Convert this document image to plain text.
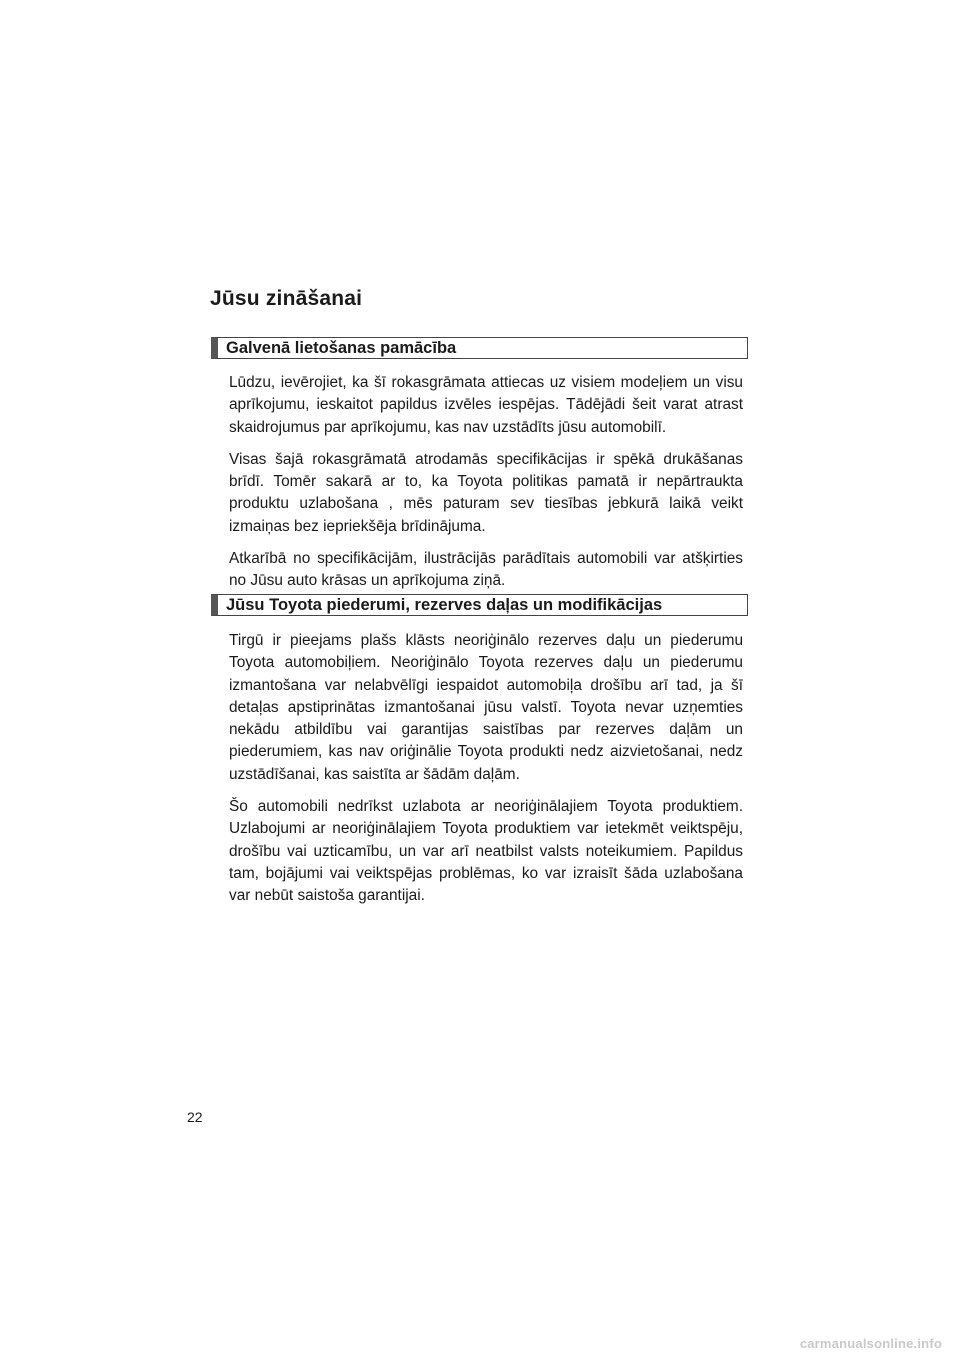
Jūsu zināšanai
Galvenā lietošanas pamācība

Lūdzu, ievērojiet, ka šī rokasgrāmata attiecas uz visiem modeļiem un visu aprīkojumu, ieskaitot papildus izvēles iespējas. Tādējādi šeit varat atrast skaidrojumus par aprīkojumu, kas nav uzstādīts jūsu automobilī.

Visas šajā rokasgrāmatā atrodamās specifikācijas ir spēkā drukāšanas brīdī. Tomēr sakarā ar to, ka Toyota politikas pamatā ir nepārtraukta produktu uzlabošana , mēs paturam sev tiesības jebkurā laikā veikt izmaiņas bez iepriekšēja brīdinājuma.

Atkarībā no specifikācijām, ilustrācijās parādītais automobili var atšķirties no Jūsu auto krāsas un aprīkojuma ziņā.

Jūsu Toyota piederumi, rezerves daļas un modifikācijas

Tirgū ir pieejams plašs klāsts neoriģinālo rezerves daļu un piederumu Toyota automobiļiem. Neoriģinālo Toyota rezerves daļu un piederumu izmantošana var nelabvēlīgi iespaidot automobiļa drošību arī tad, ja šī detaļas apstiprinātas izmantošanai jūsu valstī. Toyota nevar uzņemties nekādu atbildību vai garantijas saistības par rezerves daļām un piederumiem, kas nav oriģinālie Toyota produkti nedz aizvietošanai, nedz uzstādīšanai, kas saistīta ar šādām daļām.

Šo automobili nedrīkst uzlabota ar neoriģinālajiem Toyota produktiem. Uzlabojumi ar neoriģinālajiem Toyota produktiem var ietekmēt veiktspēju, drošību vai uzticamību, un var arī neatbilst valsts noteikumiem. Papildus tam, bojājumi vai veiktspējas problēmas, ko var izraisīt šāda uzlabošana var nebūt saistoša garantijai.

22
carmanualsonline.info
